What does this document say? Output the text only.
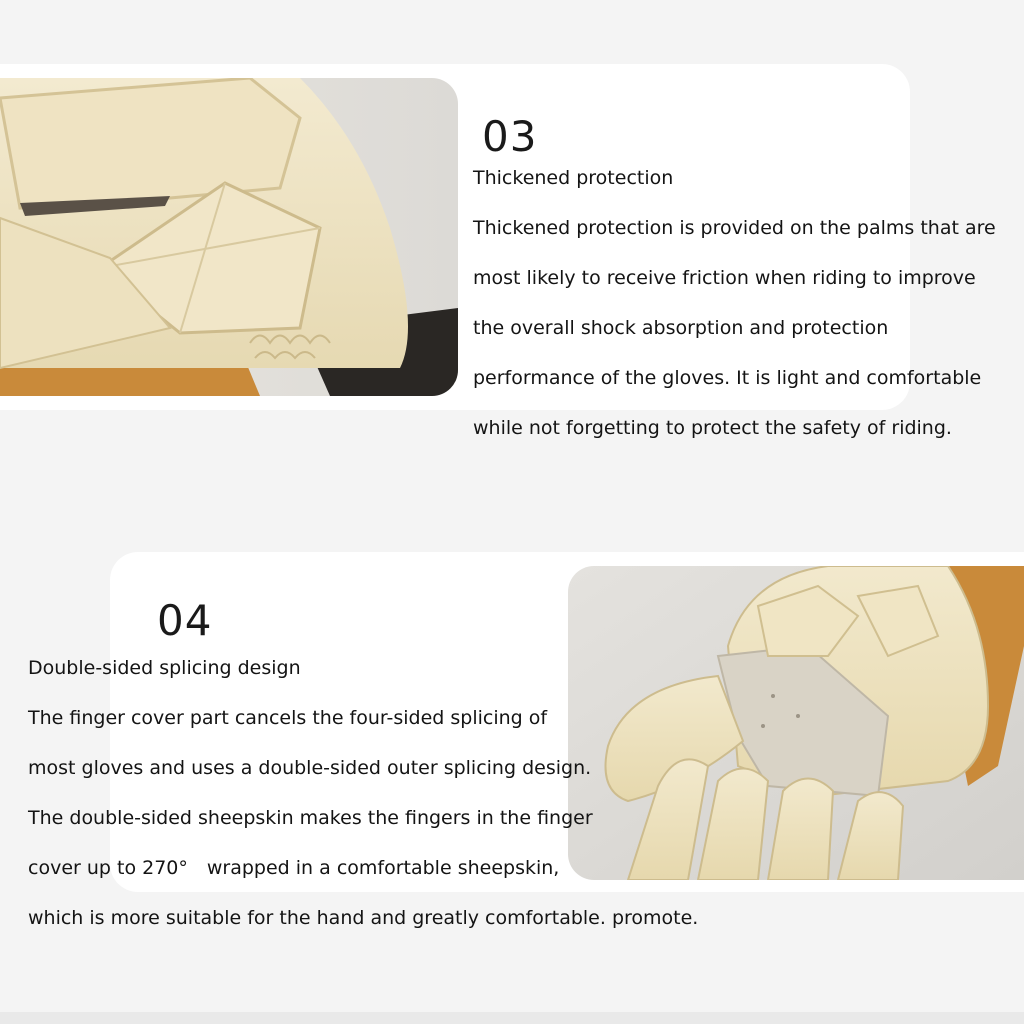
03
Thickened protection
Thickened protection is provided on the palms that are
most likely to receive friction when riding to improve
the overall shock absorption and protection
performance of the gloves. It is light and comfortable
while not forgetting to protect the safety of riding.
04
Double-sided splicing design
The finger cover part cancels the four-sided splicing of
most gloves and uses a double-sided outer splicing design.
The double-sided sheepskin makes the fingers in the finger
cover up to 270°　wrapped in a comfortable sheepskin,
which is more suitable for the hand and greatly comfortable. promote.
